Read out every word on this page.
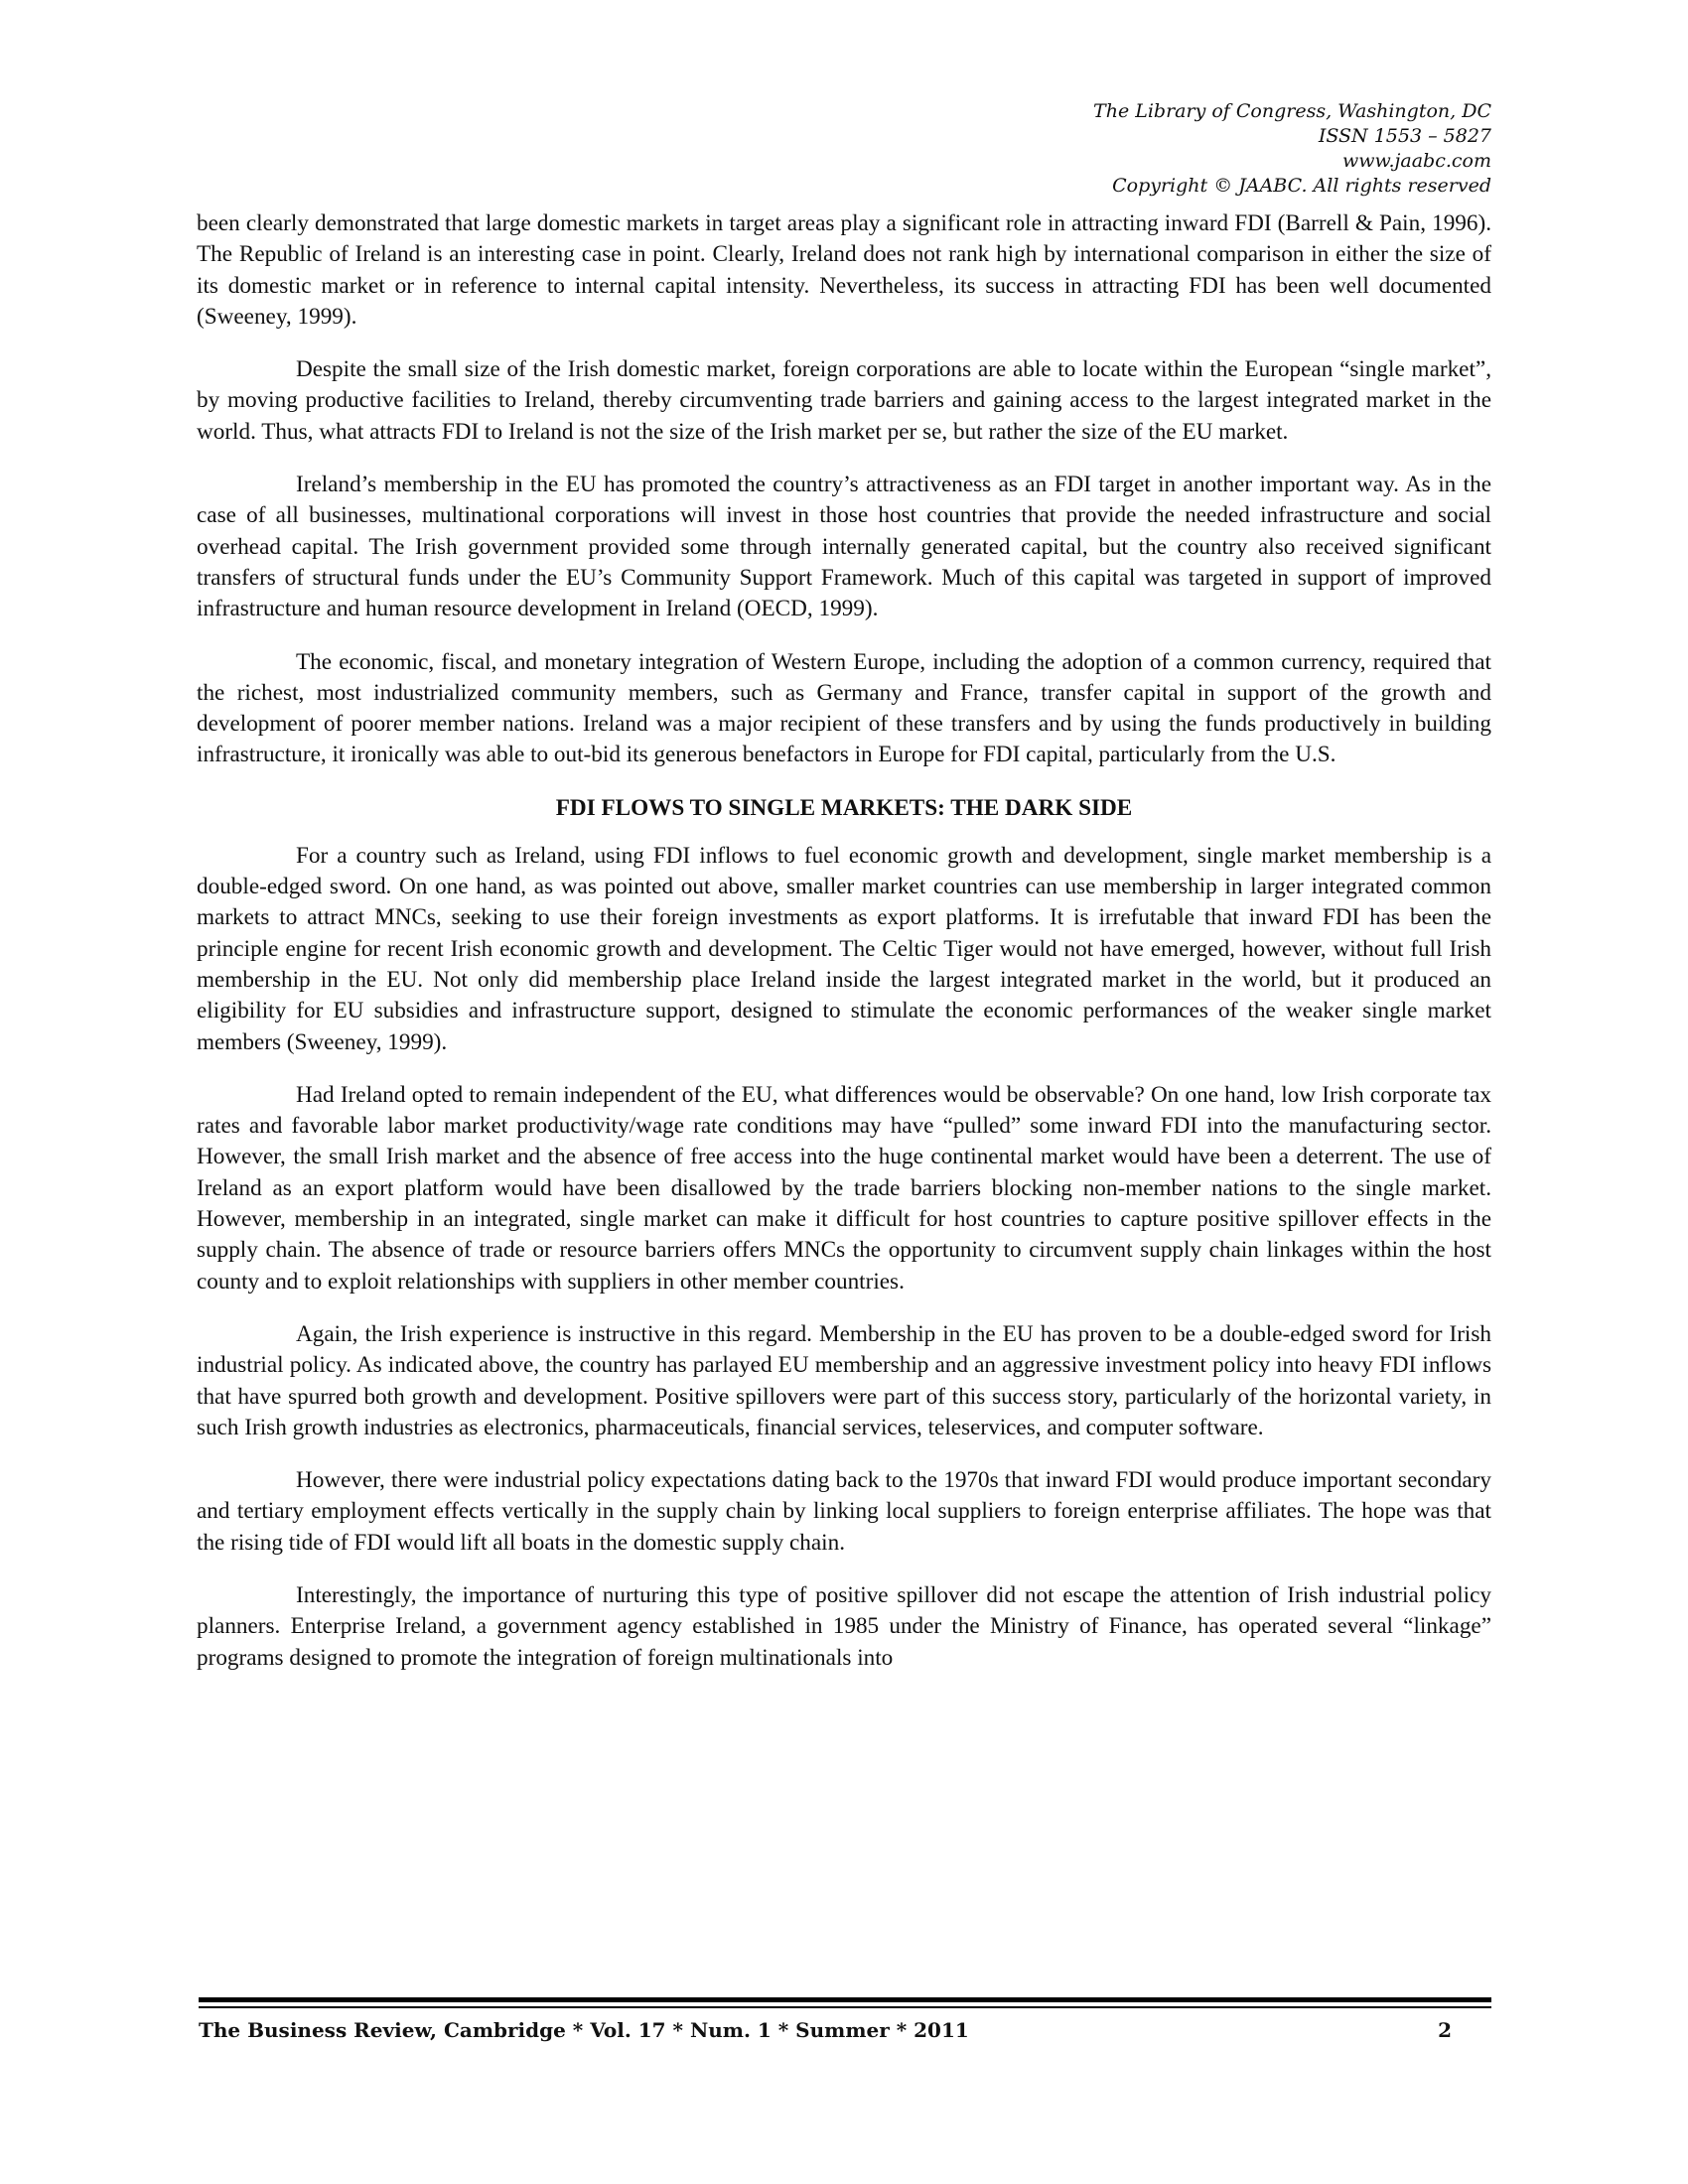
The Library of Congress, Washington, DC
ISSN 1553 – 5827
www.jaabc.com
Copyright © JAABC. All rights reserved

been clearly demonstrated that large domestic markets in target areas play a significant role in attracting inward FDI (Barrell & Pain, 1996). The Republic of Ireland is an interesting case in point. Clearly, Ireland does not rank high by international comparison in either the size of its domestic market or in reference to internal capital intensity. Nevertheless, its success in attracting FDI has been well documented (Sweeney, 1999).

Despite the small size of the Irish domestic market, foreign corporations are able to locate within the European “single market”, by moving productive facilities to Ireland, thereby circumventing trade barriers and gaining access to the largest integrated market in the world. Thus, what attracts FDI to Ireland is not the size of the Irish market per se, but rather the size of the EU market.

Ireland’s membership in the EU has promoted the country’s attractiveness as an FDI target in another important way. As in the case of all businesses, multinational corporations will invest in those host countries that provide the needed infrastructure and social overhead capital. The Irish government provided some through internally generated capital, but the country also received significant transfers of structural funds under the EU’s Community Support Framework. Much of this capital was targeted in support of improved infrastructure and human resource development in Ireland (OECD, 1999).

The economic, fiscal, and monetary integration of Western Europe, including the adoption of a common currency, required that the richest, most industrialized community members, such as Germany and France, transfer capital in support of the growth and development of poorer member nations. Ireland was a major recipient of these transfers and by using the funds productively in building infrastructure, it ironically was able to out-bid its generous benefactors in Europe for FDI capital, particularly from the U.S.

FDI FLOWS TO SINGLE MARKETS: THE DARK SIDE

For a country such as Ireland, using FDI inflows to fuel economic growth and development, single market membership is a double-edged sword. On one hand, as was pointed out above, smaller market countries can use membership in larger integrated common markets to attract MNCs, seeking to use their foreign investments as export platforms. It is irrefutable that inward FDI has been the principle engine for recent Irish economic growth and development. The Celtic Tiger would not have emerged, however, without full Irish membership in the EU. Not only did membership place Ireland inside the largest integrated market in the world, but it produced an eligibility for EU subsidies and infrastructure support, designed to stimulate the economic performances of the weaker single market members (Sweeney, 1999).

Had Ireland opted to remain independent of the EU, what differences would be observable? On one hand, low Irish corporate tax rates and favorable labor market productivity/wage rate conditions may have “pulled” some inward FDI into the manufacturing sector. However, the small Irish market and the absence of free access into the huge continental market would have been a deterrent. The use of Ireland as an export platform would have been disallowed by the trade barriers blocking non-member nations to the single market. However, membership in an integrated, single market can make it difficult for host countries to capture positive spillover effects in the supply chain. The absence of trade or resource barriers offers MNCs the opportunity to circumvent supply chain linkages within the host county and to exploit relationships with suppliers in other member countries.

Again, the Irish experience is instructive in this regard. Membership in the EU has proven to be a double-edged sword for Irish industrial policy. As indicated above, the country has parlayed EU membership and an aggressive investment policy into heavy FDI inflows that have spurred both growth and development. Positive spillovers were part of this success story, particularly of the horizontal variety, in such Irish growth industries as electronics, pharmaceuticals, financial services, teleservices, and computer software.

However, there were industrial policy expectations dating back to the 1970s that inward FDI would produce important secondary and tertiary employment effects vertically in the supply chain by linking local suppliers to foreign enterprise affiliates. The hope was that the rising tide of FDI would lift all boats in the domestic supply chain.

Interestingly, the importance of nurturing this type of positive spillover did not escape the attention of Irish industrial policy planners. Enterprise Ireland, a government agency established in 1985 under the Ministry of Finance, has operated several “linkage” programs designed to promote the integration of foreign multinationals into

The Business Review, Cambridge * Vol. 17 * Num. 1 * Summer * 2011	2
